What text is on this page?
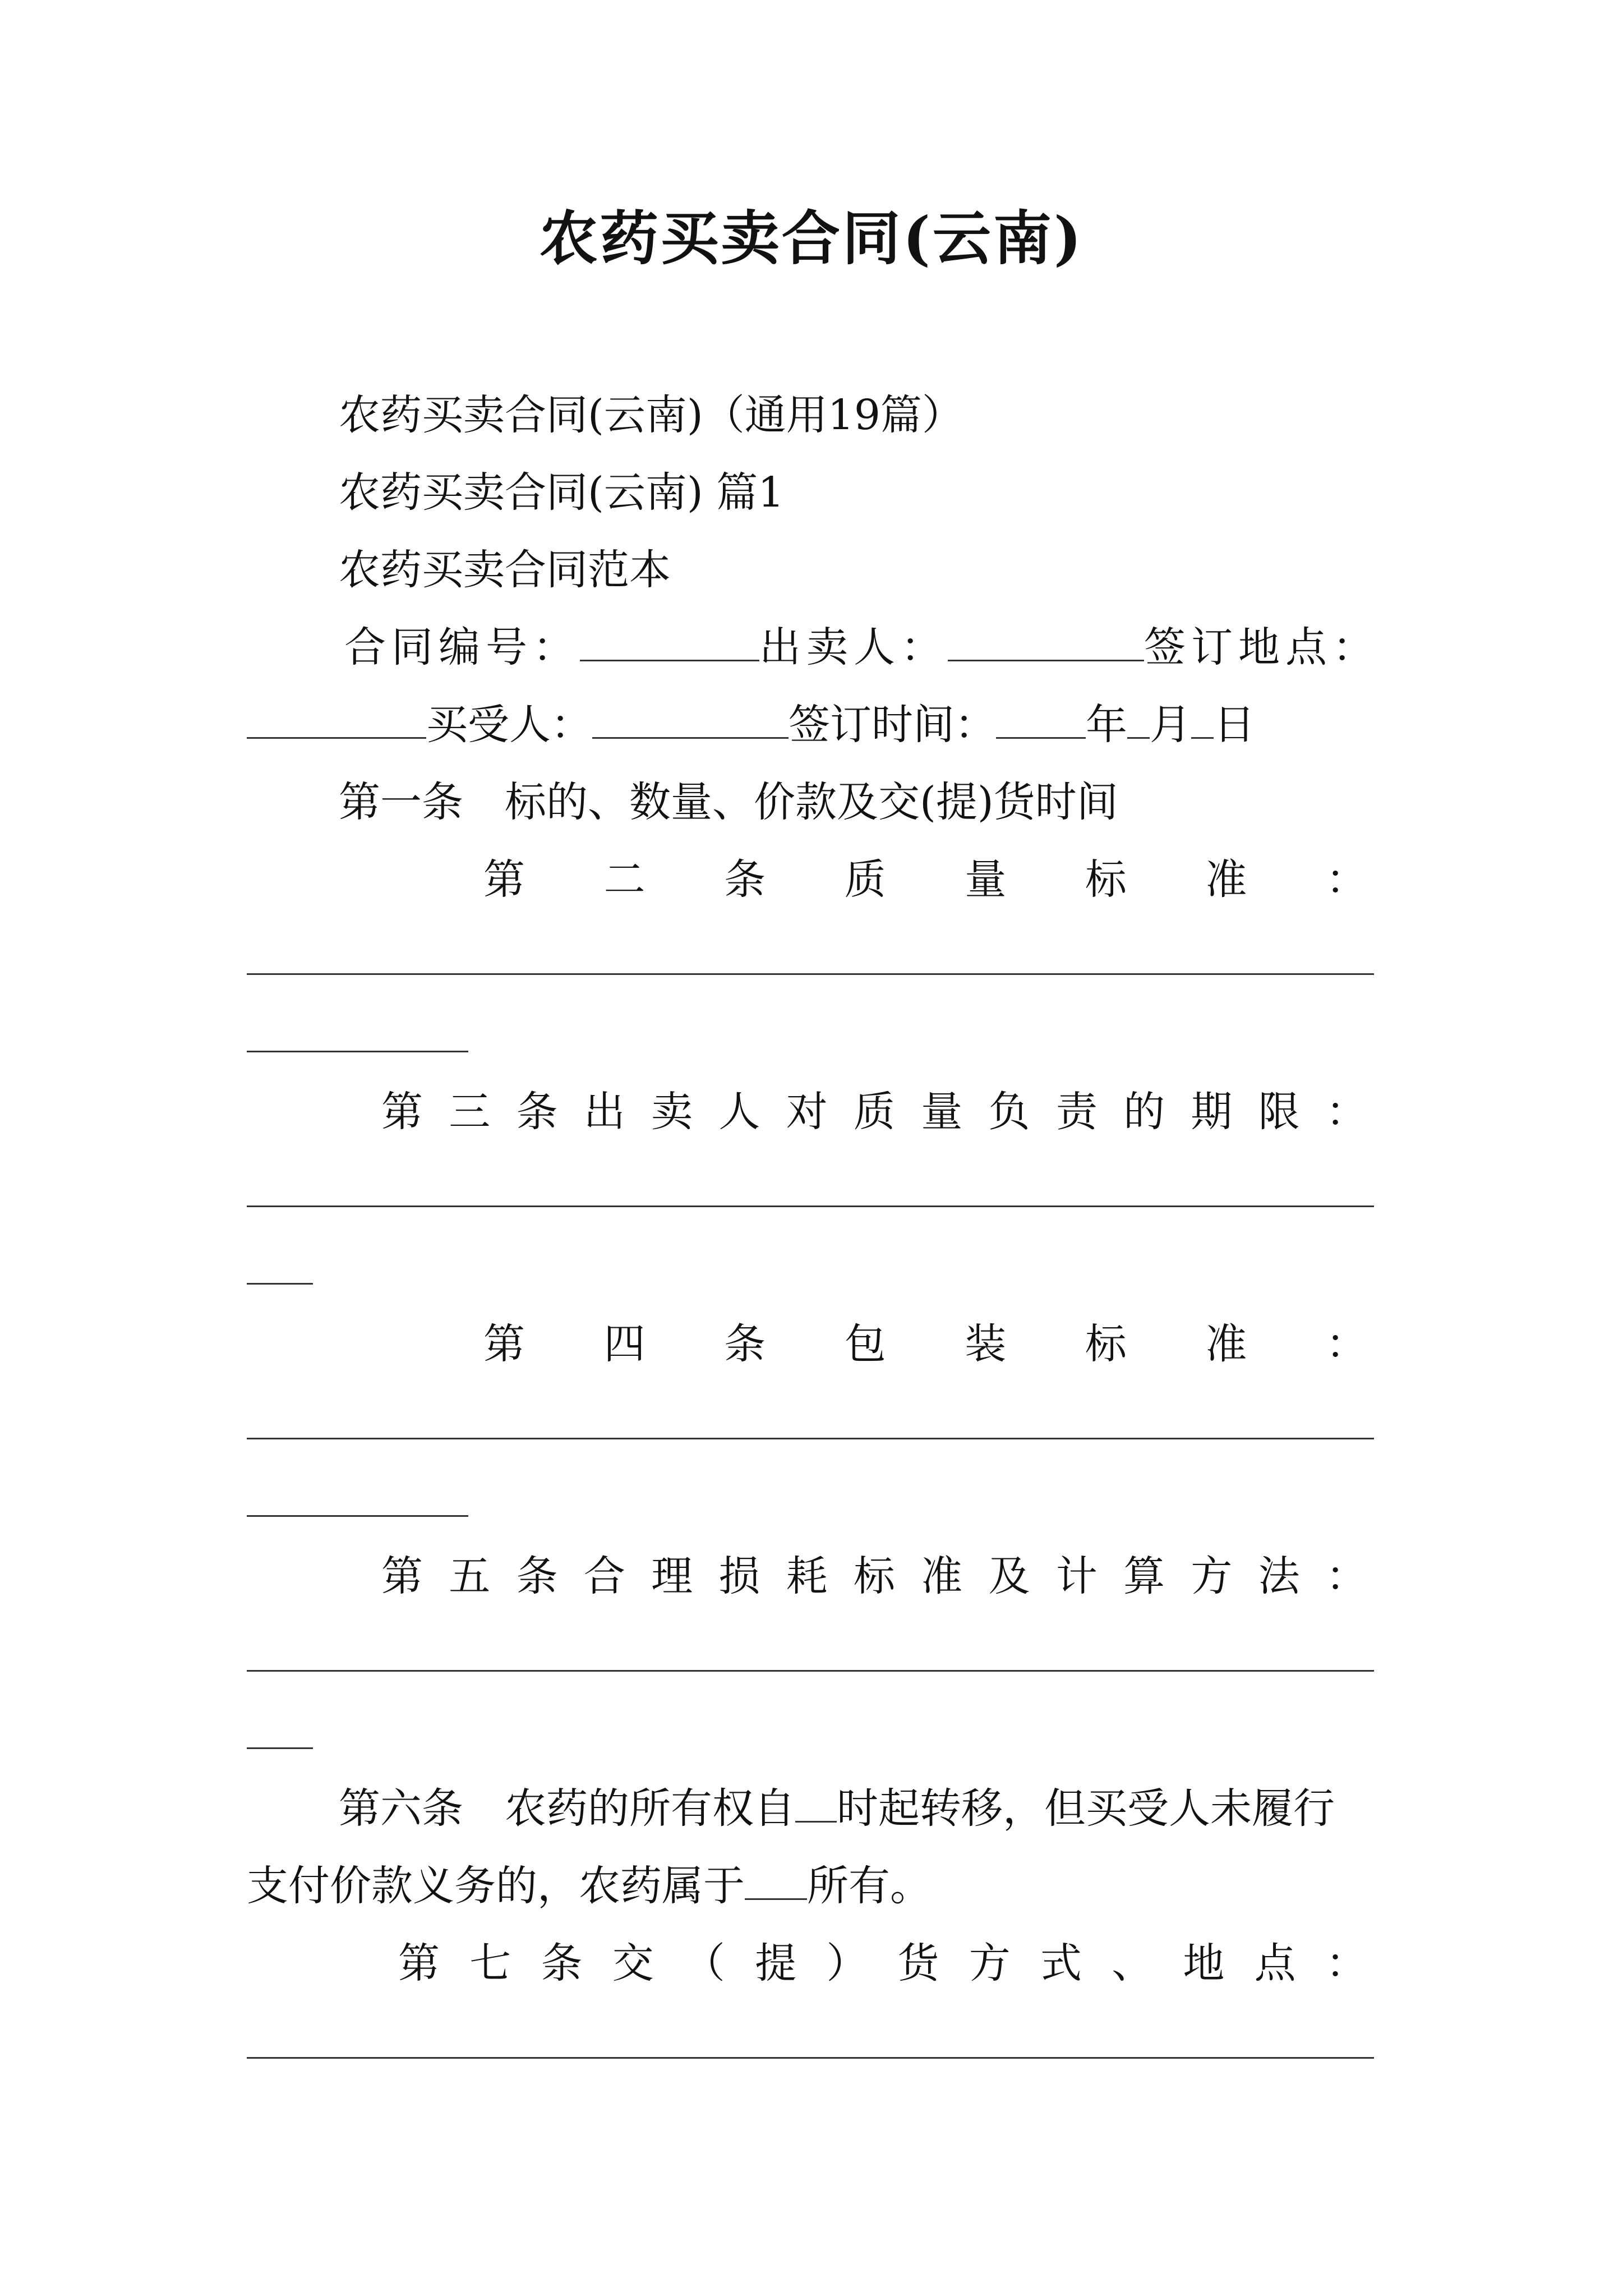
农药买卖合同(云南)
农药买卖合同(云南)（通用19篇）
农药买卖合同(云南) 篇1
农药买卖合同范本
合同编号：	出卖人：	签订地点：
买受人：	签订时间： 年 月 日
第一条　标的、数量、价款及交(提)货时间
第 二 条 质 量 标 准 ：
第 三 条 出 卖 人 对 质 量 负 责 的 期 限 ：
第 四 条 包 装 标 准 ：
第 五 条 合 理 损 耗 标 准 及 计 算 方 法 ：
第六条　农药的所有权自 时起转移，但买受人未履行
支付价款义务的，农药属于 所有。
第 七 条 交 （ 提 ） 货 方 式 、 地 点 ：
